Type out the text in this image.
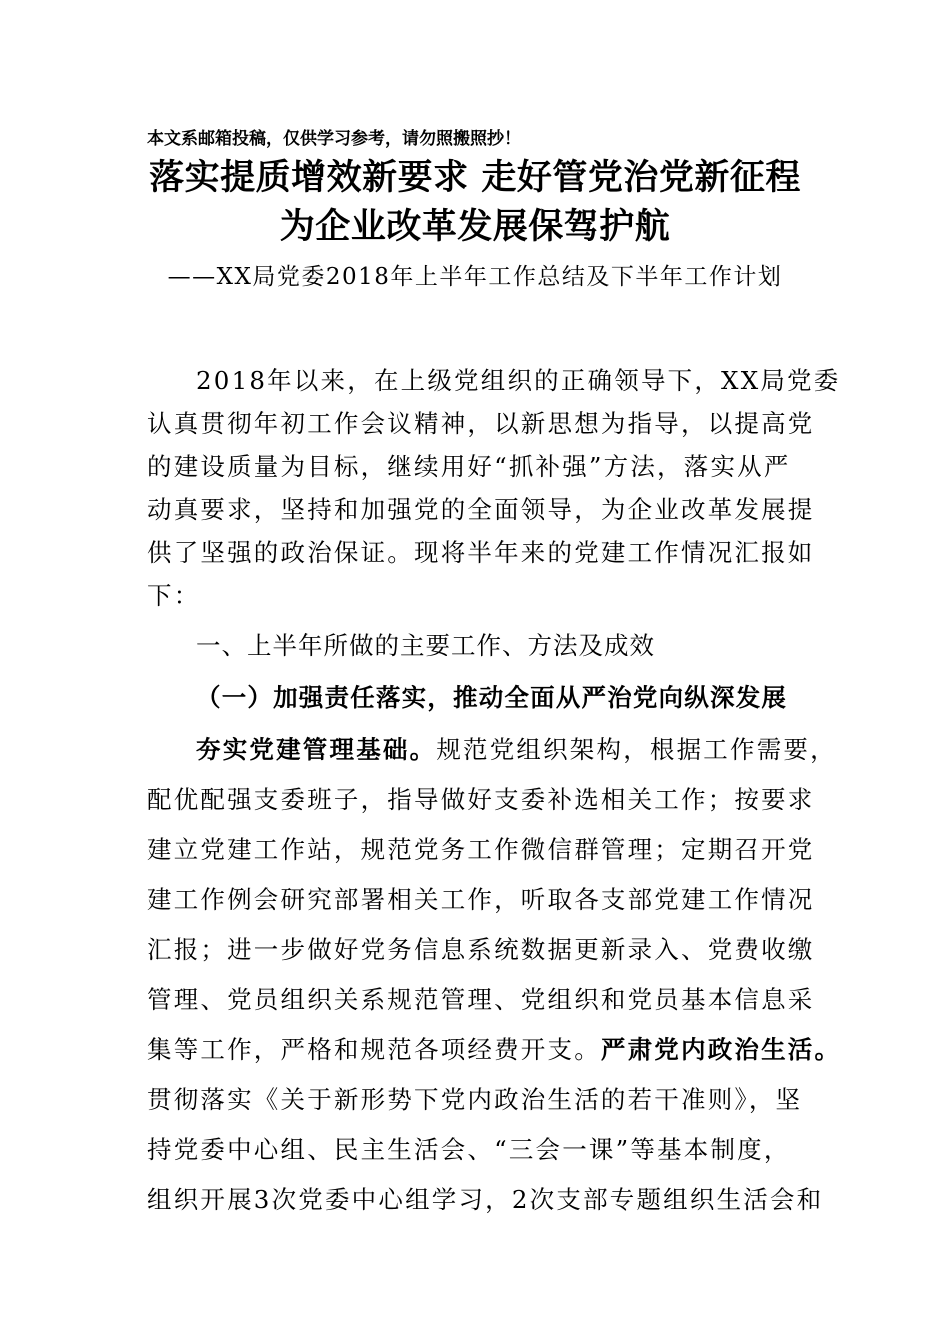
本文系邮箱投稿，仅供学习参考，请勿照搬照抄！
落实提质增效新要求 走好管党治党新征程
为企业改革发展保驾护航
——XX局党委2018年上半年工作总结及下半年工作计划
2018年以来，在上级党组织的正确领导下，XX局党委
认真贯彻年初工作会议精神，以新思想为指导，以提高党
的建设质量为目标，继续用好“抓补强”方法，落实从严
动真要求，坚持和加强党的全面领导，为企业改革发展提
供了坚强的政治保证。现将半年来的党建工作情况汇报如
下：
一、上半年所做的主要工作、方法及成效
（一）加强责任落实，推动全面从严治党向纵深发展
夯实党建管理基础。规范党组织架构，根据工作需要，
配优配强支委班子，指导做好支委补选相关工作；按要求
建立党建工作站，规范党务工作微信群管理；定期召开党
建工作例会研究部署相关工作，听取各支部党建工作情况
汇报；进一步做好党务信息系统数据更新录入、党费收缴
管理、党员组织关系规范管理、党组织和党员基本信息采
集等工作，严格和规范各项经费开支。严肃党内政治生活。
贯彻落实《关于新形势下党内政治生活的若干准则》，坚
持党委中心组、民主生活会、“三会一课”等基本制度，
组织开展3次党委中心组学习，2次支部专题组织生活会和
